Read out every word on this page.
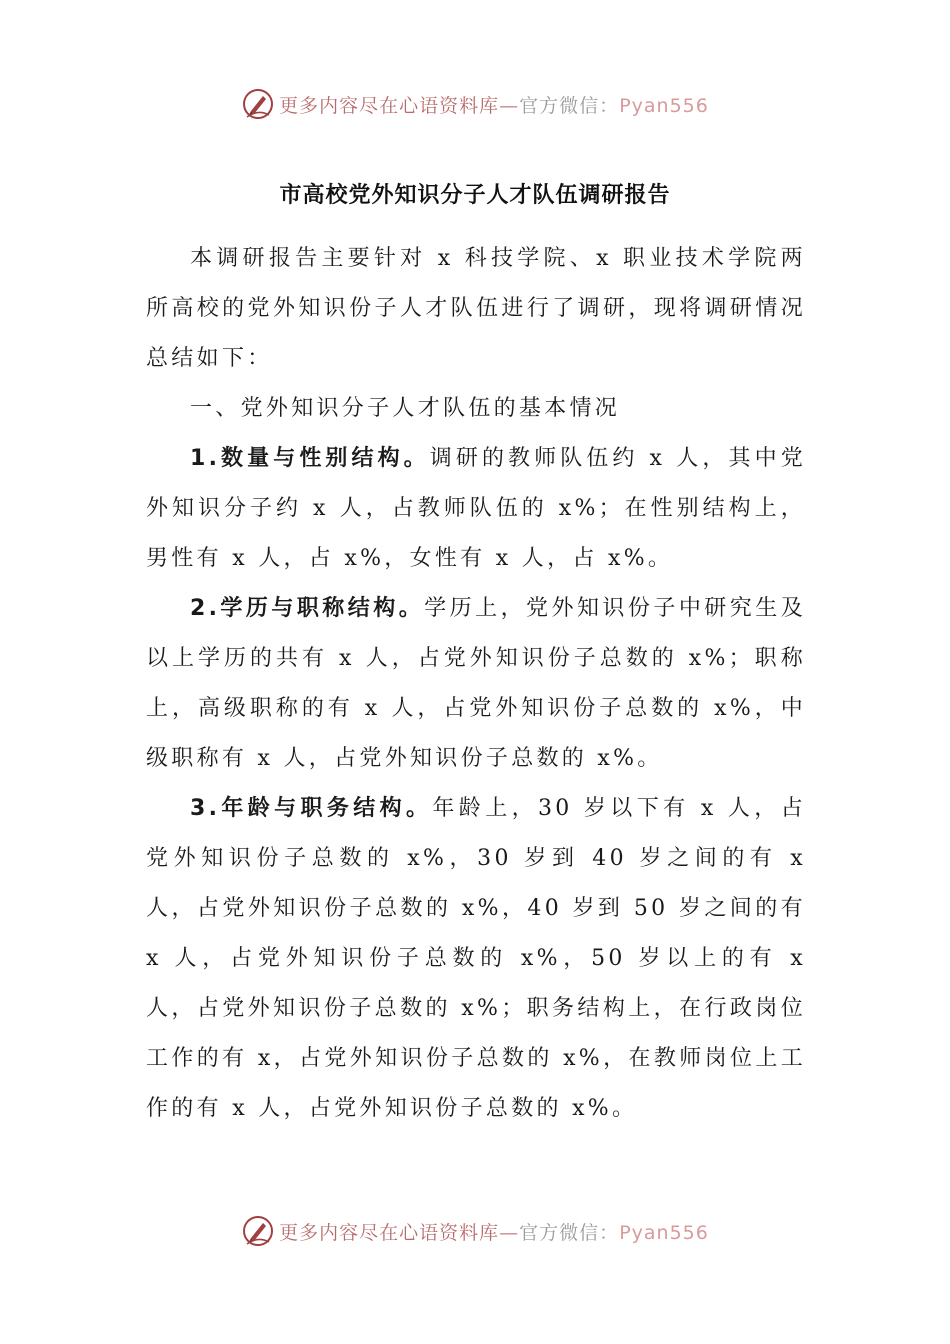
更多内容尽在心语资料库—官方微信：Pyan556
市高校党外知识分子人才队伍调研报告

本调研报告主要针对 x 科技学院、x 职业技术学院两所高校的党外知识份子人才队伍进行了调研，现将调研情况总结如下：

一、党外知识分子人才队伍的基本情况

1.数量与性别结构。调研的教师队伍约 x 人，其中党外知识分子约 x 人，占教师队伍的 x%；在性别结构上，男性有 x 人，占 x%，女性有 x 人，占 x%。

2.学历与职称结构。学历上，党外知识份子中研究生及以上学历的共有 x 人，占党外知识份子总数的 x%；职称上，高级职称的有 x 人，占党外知识份子总数的 x%，中级职称有 x 人，占党外知识份子总数的 x%。

3.年龄与职务结构。年龄上，30 岁以下有 x 人，占党外知识份子总数的 x%，30 岁到 40 岁之间的有 x 人，占党外知识份子总数的 x%，40 岁到 50 岁之间的有 x 人，占党外知识份子总数的 x%，50 岁以上的有 x 人，占党外知识份子总数的 x%；职务结构上，在行政岗位工作的有 x，占党外知识份子总数的 x%，在教师岗位上工作的有 x 人，占党外知识份子总数的 x%。

更多内容尽在心语资料库—官方微信：Pyan556
